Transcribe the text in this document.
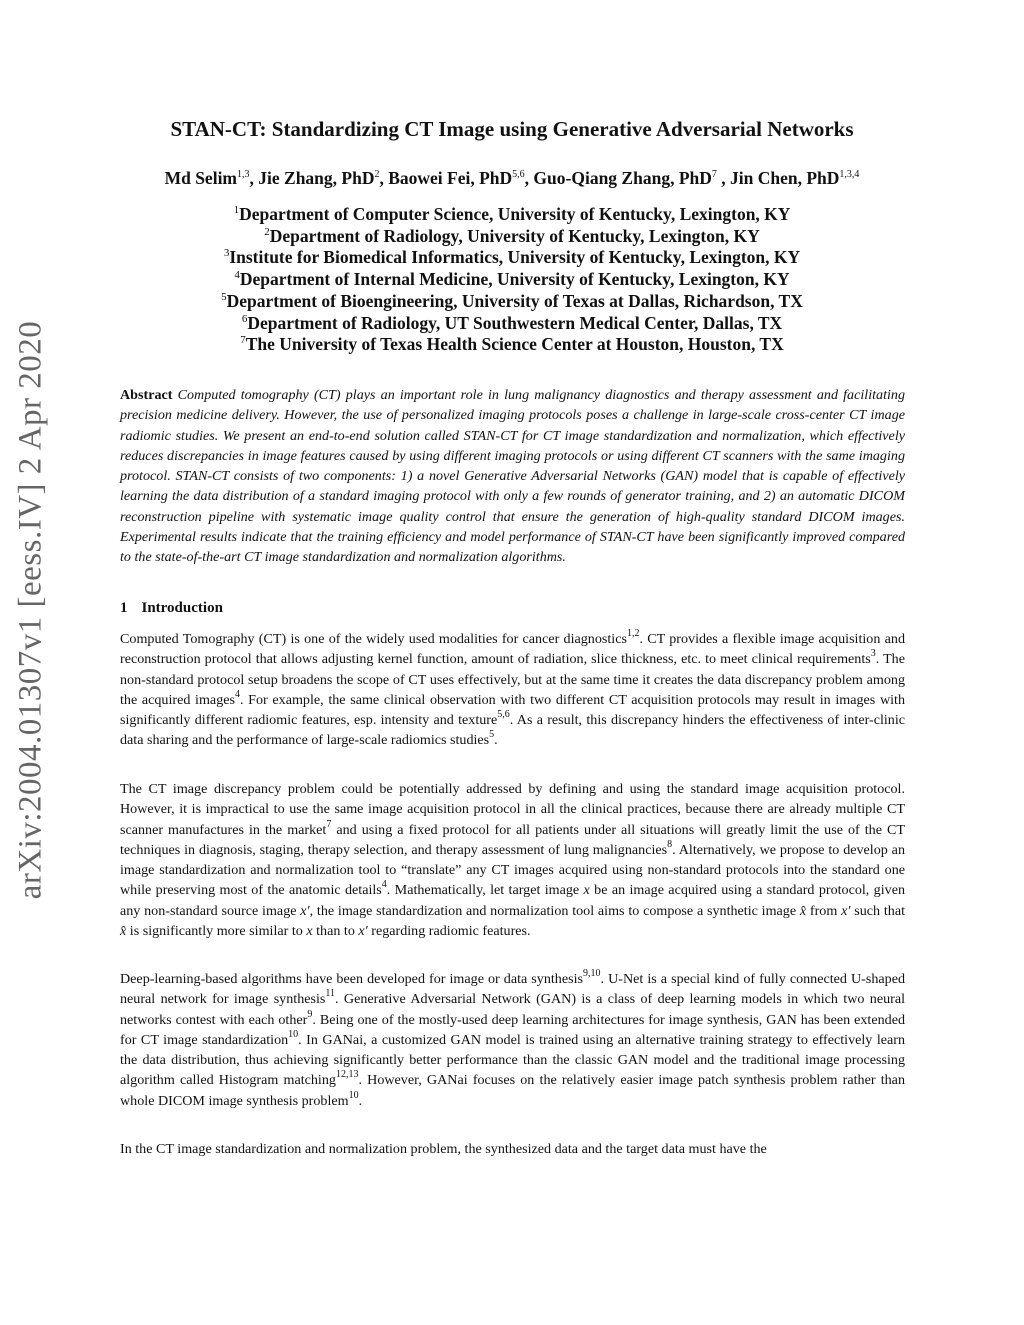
arXiv:2004.01307v1 [eess.IV] 2 Apr 2020
STAN-CT: Standardizing CT Image using Generative Adversarial Networks
Md Selim$^{1,3}$, Jie Zhang, PhD$^2$, Baowei Fei, PhD$^{5,6}$, Guo-Qiang Zhang, PhD$^7$ , Jin Chen, PhD$^{1,3,4}$
$^1$Department of Computer Science, University of Kentucky, Lexington, KY
$^2$Department of Radiology, University of Kentucky, Lexington, KY
$^3$Institute for Biomedical Informatics, University of Kentucky, Lexington, KY
$^4$Department of Internal Medicine, University of Kentucky, Lexington, KY
$^5$Department of Bioengineering, University of Texas at Dallas, Richardson, TX
$^6$Department of Radiology, UT Southwestern Medical Center, Dallas, TX
$^7$The University of Texas Health Science Center at Houston, Houston, TX
Abstract Computed tomography (CT) plays an important role in lung malignancy diagnostics and therapy assessment and facilitating precision medicine delivery. However, the use of personalized imaging protocols poses a challenge in large-scale cross-center CT image radiomic studies. We present an end-to-end solution called STAN-CT for CT image standardization and normalization, which effectively reduces discrepancies in image features caused by using different imaging protocols or using different CT scanners with the same imaging protocol. STAN-CT consists of two components: 1) a novel Generative Adversarial Networks (GAN) model that is capable of effectively learning the data distribution of a standard imaging protocol with only a few rounds of generator training, and 2) an automatic DICOM reconstruction pipeline with systematic image quality control that ensure the generation of high-quality standard DICOM images. Experimental results indicate that the training efficiency and model performance of STAN-CT have been significantly improved compared to the state-of-the-art CT image standardization and normalization algorithms.
1 Introduction
Computed Tomography (CT) is one of the widely used modalities for cancer diagnostics$^{1,2}$. CT provides a flexible image acquisition and reconstruction protocol that allows adjusting kernel function, amount of radiation, slice thickness, etc. to meet clinical requirements$^3$. The non-standard protocol setup broadens the scope of CT uses effectively, but at the same time it creates the data discrepancy problem among the acquired images$^4$. For example, the same clinical observation with two different CT acquisition protocols may result in images with significantly different radiomic features, esp. intensity and texture$^{5,6}$. As a result, this discrepancy hinders the effectiveness of inter-clinic data sharing and the performance of large-scale radiomics studies$^5$.
The CT image discrepancy problem could be potentially addressed by defining and using the standard image acquisition protocol. However, it is impractical to use the same image acquisition protocol in all the clinical practices, because there are already multiple CT scanner manufactures in the market$^7$ and using a fixed protocol for all patients under all situations will greatly limit the use of the CT techniques in diagnosis, staging, therapy selection, and therapy assessment of lung malignancies$^8$. Alternatively, we propose to develop an image standardization and normalization tool to “translate” any CT images acquired using non-standard protocols into the standard one while preserving most of the anatomic details$^4$. Mathematically, let target image x be an image acquired using a standard protocol, given any non-standard source image x′, the image standardization and normalization tool aims to compose a synthetic image x̂ from x′ such that x̂ is significantly more similar to x than to x′ regarding radiomic features.
Deep-learning-based algorithms have been developed for image or data synthesis$^{9,10}$. U-Net is a special kind of fully connected U-shaped neural network for image synthesis$^{11}$. Generative Adversarial Network (GAN) is a class of deep learning models in which two neural networks contest with each other$^9$. Being one of the mostly-used deep learning architectures for image synthesis, GAN has been extended for CT image standardization$^{10}$. In GANai, a customized GAN model is trained using an alternative training strategy to effectively learn the data distribution, thus achieving significantly better performance than the classic GAN model and the traditional image processing algorithm called Histogram matching$^{12,13}$. However, GANai focuses on the relatively easier image patch synthesis problem rather than whole DICOM image synthesis problem$^{10}$.
In the CT image standardization and normalization problem, the synthesized data and the target data must have the
